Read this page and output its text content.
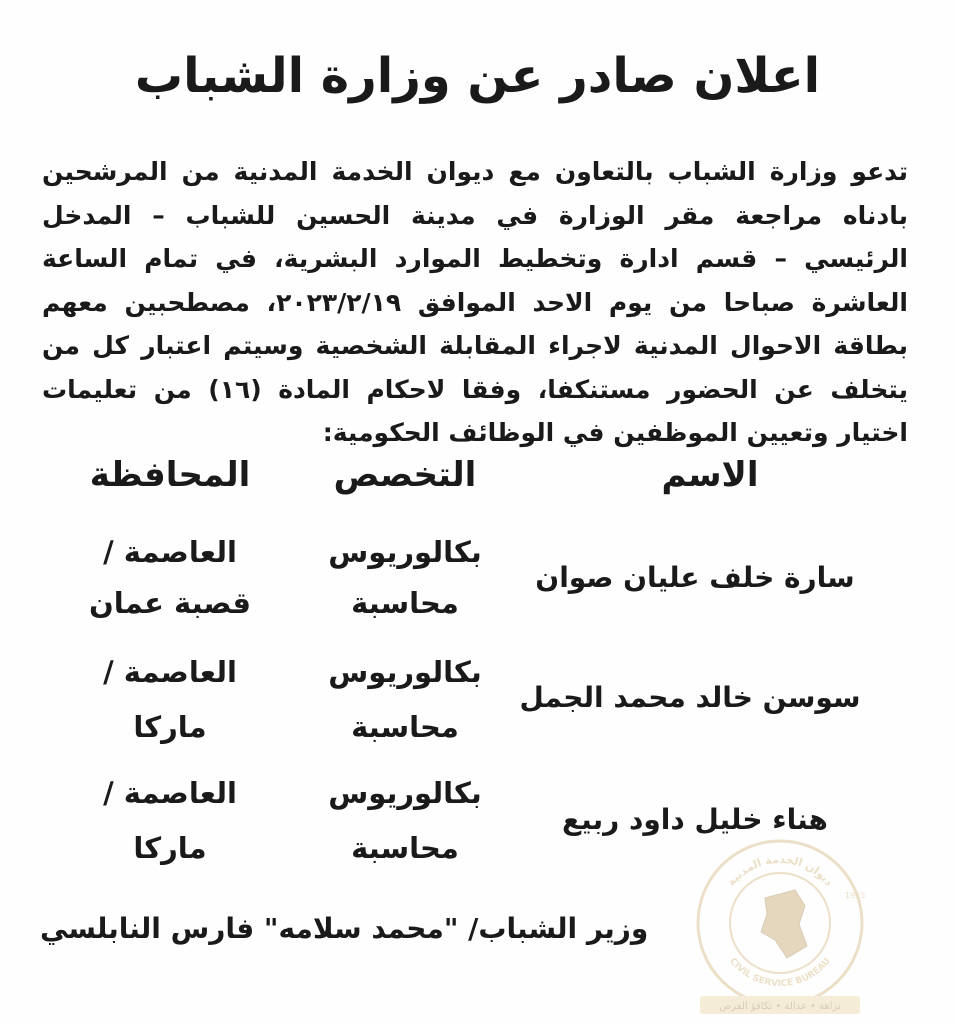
اعلان صادر عن وزارة الشباب
تدعو وزارة الشباب بالتعاون مع ديوان الخدمة المدنية من المرشحين بادناه مراجعة مقر الوزارة في مدينة الحسين للشباب – المدخل الرئيسي – قسم ادارة وتخطيط الموارد البشرية، في تمام الساعة العاشرة صباحا من يوم الاحد الموافق ٢٠٢٣/٢/١٩، مصطحبين معهم بطاقة الاحوال المدنية لاجراء المقابلة الشخصية وسيتم اعتبار كل من يتخلف عن الحضور مستنكفا، وفقا لاحكام المادة (١٦) من تعليمات اختيار وتعيين الموظفين في الوظائف الحكومية:
الاسم
التخصص
المحافظة
سارة خلف عليان صوان
بكالوريوس
محاسبة
العاصمة /
قصبة عمان
سوسن خالد محمد الجمل
بكالوريوس
محاسبة
العاصمة /
ماركا
هناء خليل داود ربيع
بكالوريوس
محاسبة
العاصمة /
ماركا
وزير الشباب/ "محمد سلامه" فارس النابلسي
ديوان الخدمة المدنية
CIVIL SERVICE BUREAU
1955
نزاهة • عدالة • تكافؤ الفرص
